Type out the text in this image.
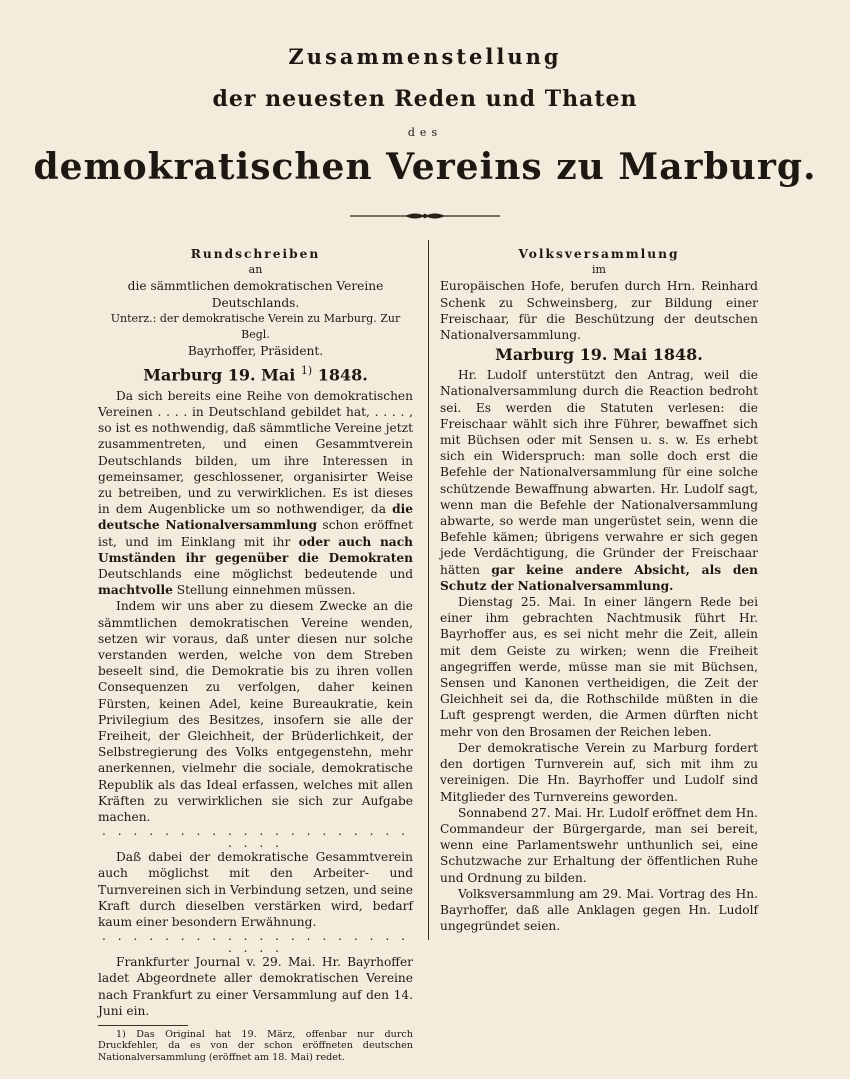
Zusammenstellung
der neuesten Reden und Thaten
des
demokratischen Vereins zu Marburg.

Rundschreiben

an

die sämmtlichen demokratischen Vereine Deutschlands.

Unterz.: der demokratische Verein zu Marburg. Zur Begl.

Bayrhoffer, Präsident.

Marburg 19. Mai $^{1)}$ 1848.

Da sich bereits eine Reihe von demokratischen Vereinen . . . . in Deutschland gebildet hat, . . . . , so ist es nothwendig, daß sämmtliche Vereine jetzt zusammentreten, und einen Gesammtverein Deutschlands bilden, um ihre Interessen in gemeinsamer, geschlossener, organisirter Weise zu betreiben, und zu verwirklichen. Es ist dieses in dem Augenblicke um so nothwendiger, da die deutsche Nationalversammlung schon eröffnet ist, und im Einklang mit ihr oder auch nach Umständen ihr gegenüber die Demokraten Deutschlands eine möglichst bedeutende und machtvolle Stellung einnehmen müssen.

Indem wir uns aber zu diesem Zwecke an die sämmtlichen demokratischen Vereine wenden, setzen wir voraus, daß unter diesen nur solche verstanden werden, welche von dem Streben beseelt sind, die Demokratie bis zu ihren vollen Consequenzen zu verfolgen, daher keinen Fürsten, keinen Adel, keine Bureaukratie, kein Privilegium des Besitzes, insofern sie alle der Freiheit, der Gleichheit, der Brüderlichkeit, der Selbstregierung des Volks entgegenstehn, mehr anerkennen, vielmehr die sociale, demokratische Republik als das Ideal erfassen, welches mit allen Kräften zu verwirklichen sie sich zur Aufgabe machen.

. . . . . . . . . . . . . . . . . . . . . . . .

Daß dabei der demokratische Gesammtverein auch möglichst mit den Arbeiter- und Turnvereinen sich in Verbindung setzen, und seine Kraft durch dieselben verstärken wird, bedarf kaum einer besondern Erwähnung.

. . . . . . . . . . . . . . . . . . . . . . . .

Frankfurter Journal v. 29. Mai. Hr. Bayrhoffer ladet Abgeordnete aller demokratischen Vereine nach Frankfurt zu einer Versammlung auf den 14. Juni ein.

1) Das Original hat 19. März, offenbar nur durch Druckfehler, da es von der schon eröffneten deutschen Nationalversammlung (eröffnet am 18. Mai) redet.

Volksversammlung

im

Europäischen Hofe, berufen durch Hrn. Reinhard Schenk zu Schweinsberg, zur Bildung einer Freischaar, für die Beschützung der deutschen Nationalversammlung.

Marburg 19. Mai 1848.

Hr. Ludolf unterstützt den Antrag, weil die Nationalversammlung durch die Reaction bedroht sei. Es werden die Statuten verlesen: die Freischaar wählt sich ihre Führer, bewaffnet sich mit Büchsen oder mit Sensen u. s. w. Es erhebt sich ein Widerspruch: man solle doch erst die Befehle der Nationalversammlung für eine solche schützende Bewaffnung abwarten. Hr. Ludolf sagt, wenn man die Befehle der Nationalversammlung abwarte, so werde man ungerüstet sein, wenn die Befehle kämen; übrigens verwahre er sich gegen jede Verdächtigung, die Gründer der Freischaar hätten gar keine andere Absicht, als den Schutz der Nationalversammlung.

Dienstag 25. Mai. In einer längern Rede bei einer ihm gebrachten Nachtmusik führt Hr. Bayrhoffer aus, es sei nicht mehr die Zeit, allein mit dem Geiste zu wirken; wenn die Freiheit angegriffen werde, müsse man sie mit Büchsen, Sensen und Kanonen vertheidigen, die Zeit der Gleichheit sei da, die Rothschilde müßten in die Luft gesprengt werden, die Armen dürften nicht mehr von den Brosamen der Reichen leben.

Der demokratische Verein zu Marburg fordert den dortigen Turnverein auf, sich mit ihm zu vereinigen. Die Hn. Bayrhoffer und Ludolf sind Mitglieder des Turnvereins geworden.

Sonnabend 27. Mai. Hr. Ludolf eröffnet dem Hn. Commandeur der Bürgergarde, man sei bereit, wenn eine Parlamentswehr unthunlich sei, eine Schutzwache zur Erhaltung der öffentlichen Ruhe und Ordnung zu bilden.

Volksversammlung am 29. Mai. Vortrag des Hn. Bayrhoffer, daß alle Anklagen gegen Hn. Ludolf ungegründet seien.
